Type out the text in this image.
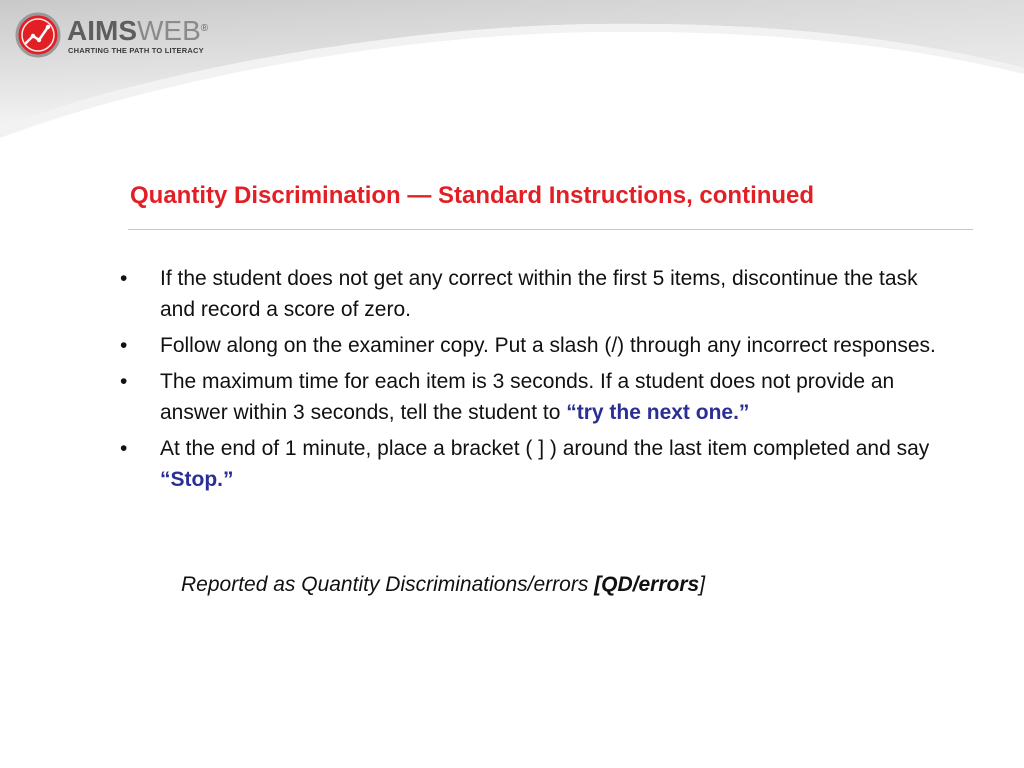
AIMSWEB®
CHARTING THE PATH TO LITERACY
Quantity Discrimination — Standard Instructions, continued
• If the student does not get any correct within the first 5 items, discontinue the task and record a score of zero.
• Follow along on the examiner copy. Put a slash (/) through any incorrect responses.
• The maximum time for each item is 3 seconds. If a student does not provide an answer within 3 seconds, tell the student to “try the next one.”
• At the end of 1 minute, place a bracket ( ] ) around the last item completed and say “Stop.”
Reported as Quantity Discriminations/errors [QD/errors]
